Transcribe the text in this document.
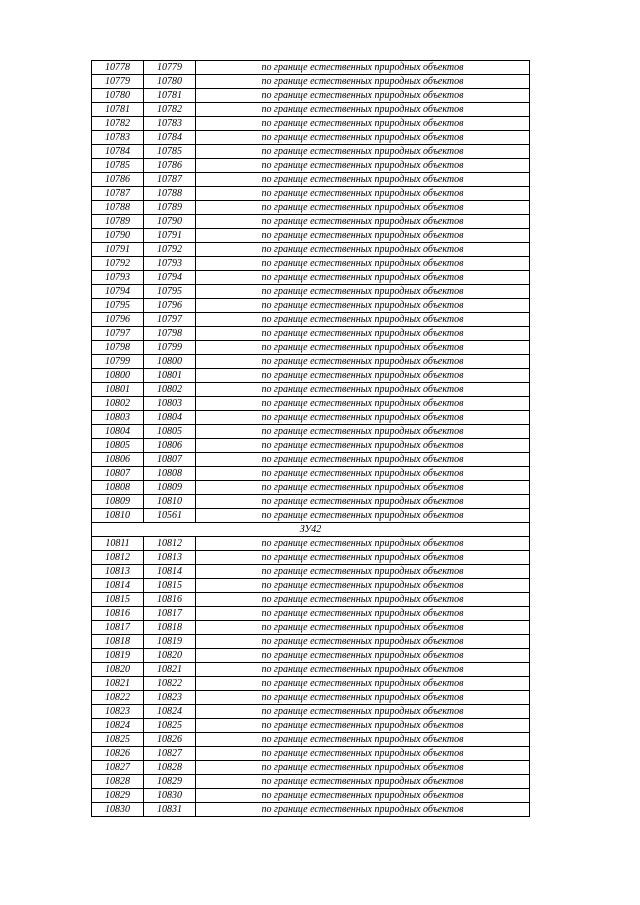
10778	10779	по границе естественных природных объектов
10779	10780	по границе естественных природных объектов
10780	10781	по границе естественных природных объектов
10781	10782	по границе естественных природных объектов
10782	10783	по границе естественных природных объектов
10783	10784	по границе естественных природных объектов
10784	10785	по границе естественных природных объектов
10785	10786	по границе естественных природных объектов
10786	10787	по границе естественных природных объектов
10787	10788	по границе естественных природных объектов
10788	10789	по границе естественных природных объектов
10789	10790	по границе естественных природных объектов
10790	10791	по границе естественных природных объектов
10791	10792	по границе естественных природных объектов
10792	10793	по границе естественных природных объектов
10793	10794	по границе естественных природных объектов
10794	10795	по границе естественных природных объектов
10795	10796	по границе естественных природных объектов
10796	10797	по границе естественных природных объектов
10797	10798	по границе естественных природных объектов
10798	10799	по границе естественных природных объектов
10799	10800	по границе естественных природных объектов
10800	10801	по границе естественных природных объектов
10801	10802	по границе естественных природных объектов
10802	10803	по границе естественных природных объектов
10803	10804	по границе естественных природных объектов
10804	10805	по границе естественных природных объектов
10805	10806	по границе естественных природных объектов
10806	10807	по границе естественных природных объектов
10807	10808	по границе естественных природных объектов
10808	10809	по границе естественных природных объектов
10809	10810	по границе естественных природных объектов
10810	10561	по границе естественных природных объектов
ЗУ42		
10811	10812	по границе естественных природных объектов
10812	10813	по границе естественных природных объектов
10813	10814	по границе естественных природных объектов
10814	10815	по границе естественных природных объектов
10815	10816	по границе естественных природных объектов
10816	10817	по границе естественных природных объектов
10817	10818	по границе естественных природных объектов
10818	10819	по границе естественных природных объектов
10819	10820	по границе естественных природных объектов
10820	10821	по границе естественных природных объектов
10821	10822	по границе естественных природных объектов
10822	10823	по границе естественных природных объектов
10823	10824	по границе естественных природных объектов
10824	10825	по границе естественных природных объектов
10825	10826	по границе естественных природных объектов
10826	10827	по границе естественных природных объектов
10827	10828	по границе естественных природных объектов
10828	10829	по границе естественных природных объектов
10829	10830	по границе естественных природных объектов
10830	10831	по границе естественных природных объектов
